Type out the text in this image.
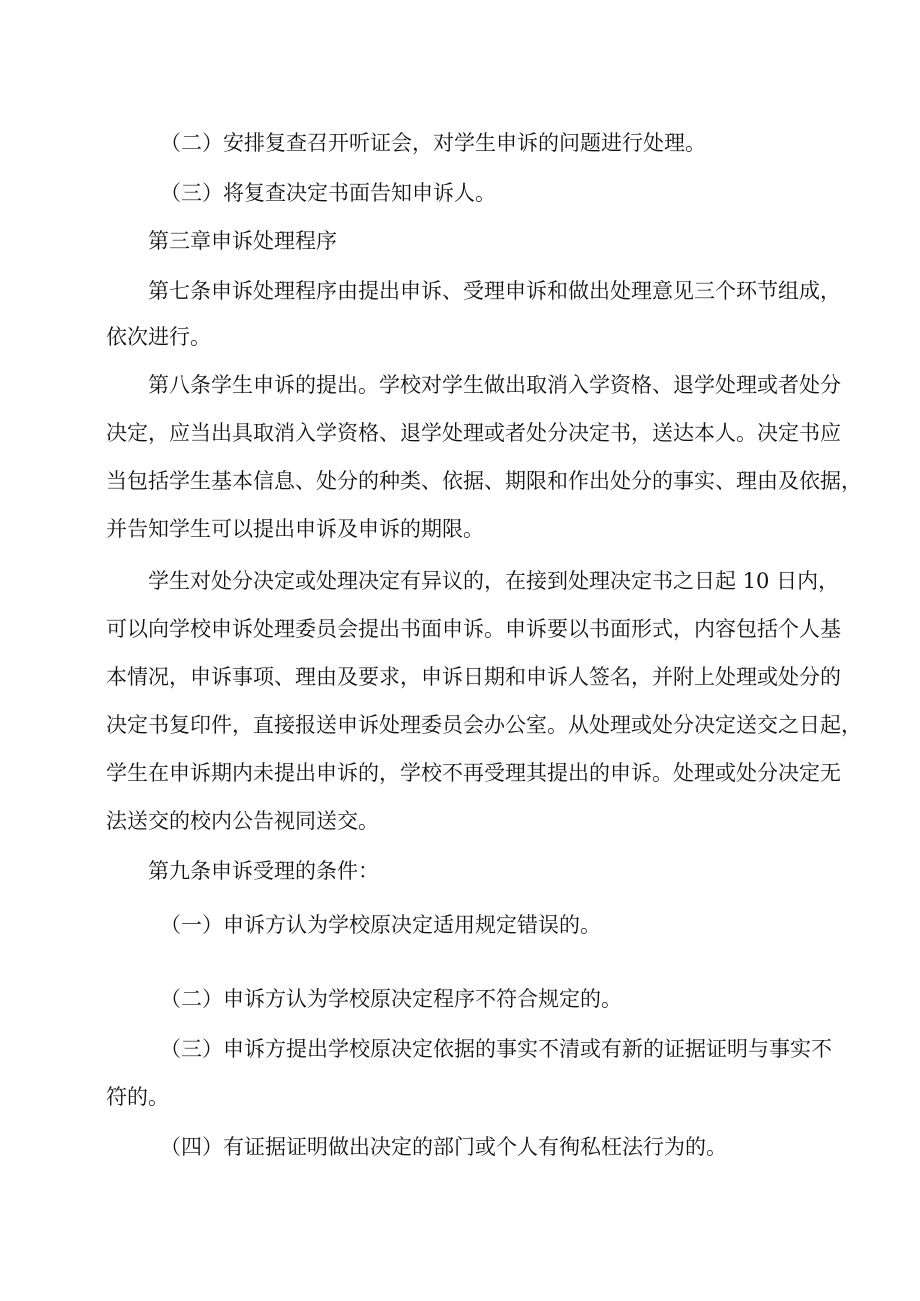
（二）安排复查召开听证会，对学生申诉的问题进行处理。
（三）将复查决定书面告知申诉人。
第三章申诉处理程序
第七条申诉处理程序由提出申诉、受理申诉和做出处理意见三个环节组成，
依次进行。
第八条学生申诉的提出。学校对学生做出取消入学资格、退学处理或者处分
决定，应当出具取消入学资格、退学处理或者处分决定书，送达本人。决定书应
当包括学生基本信息、处分的种类、依据、期限和作出处分的事实、理由及依据，
并告知学生可以提出申诉及申诉的期限。
学生对处分决定或处理决定有异议的，在接到处理决定书之日起 10 日内，
可以向学校申诉处理委员会提出书面申诉。申诉要以书面形式，内容包括个人基
本情况，申诉事项、理由及要求，申诉日期和申诉人签名，并附上处理或处分的
决定书复印件，直接报送申诉处理委员会办公室。从处理或处分决定送交之日起，
学生在申诉期内未提出申诉的，学校不再受理其提出的申诉。处理或处分决定无
法送交的校内公告视同送交。
第九条申诉受理的条件：
（一）申诉方认为学校原决定适用规定错误的。
（二）申诉方认为学校原决定程序不符合规定的。
（三）申诉方提出学校原决定依据的事实不清或有新的证据证明与事实不
符的。
（四）有证据证明做出决定的部门或个人有徇私枉法行为的。
